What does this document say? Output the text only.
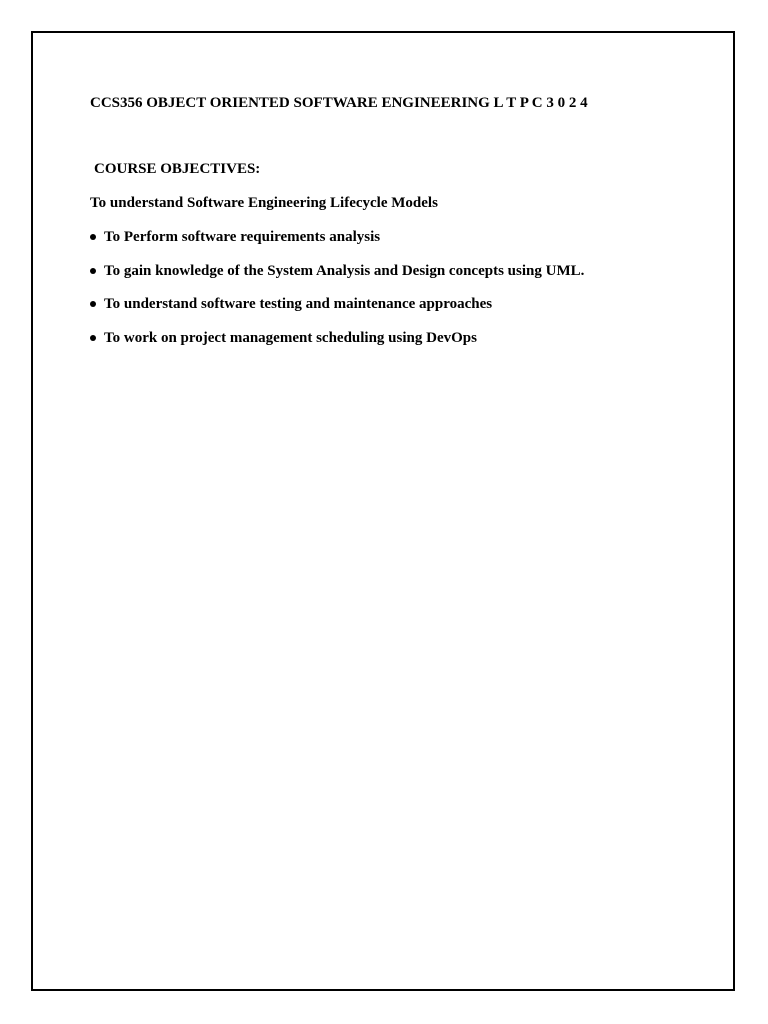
CCS356 OBJECT ORIENTED SOFTWARE ENGINEERING L T P C 3 0 2 4
COURSE OBJECTIVES:
To understand Software Engineering Lifecycle Models
To Perform software requirements analysis
To gain knowledge of the System Analysis and Design concepts using UML.
To understand software testing and maintenance approaches
To work on project management scheduling using DevOps
